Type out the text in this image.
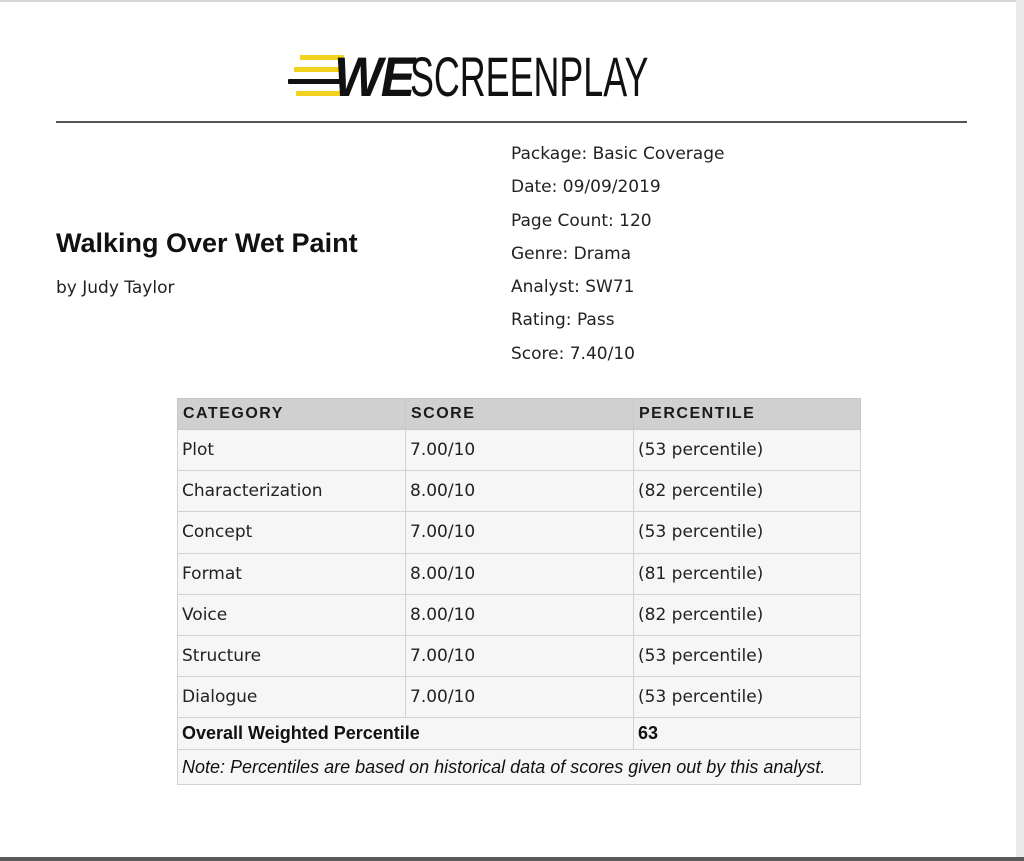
WE
SCREENPLAY
Walking Over Wet Paint
by Judy Taylor
Package: Basic Coverage
Date: 09/09/2019
Page Count: 120
Genre: Drama
Analyst: SW71
Rating: Pass
Score: 7.40/10
CATEGORY	SCORE	PERCENTILE
Plot	7.00/10	(53 percentile)
Characterization	8.00/10	(82 percentile)
Concept	7.00/10	(53 percentile)
Format	8.00/10	(81 percentile)
Voice	8.00/10	(82 percentile)
Structure	7.00/10	(53 percentile)
Dialogue	7.00/10	(53 percentile)
Overall Weighted Percentile		63
Note: Percentiles are based on historical data of scores given out by this analyst.		
